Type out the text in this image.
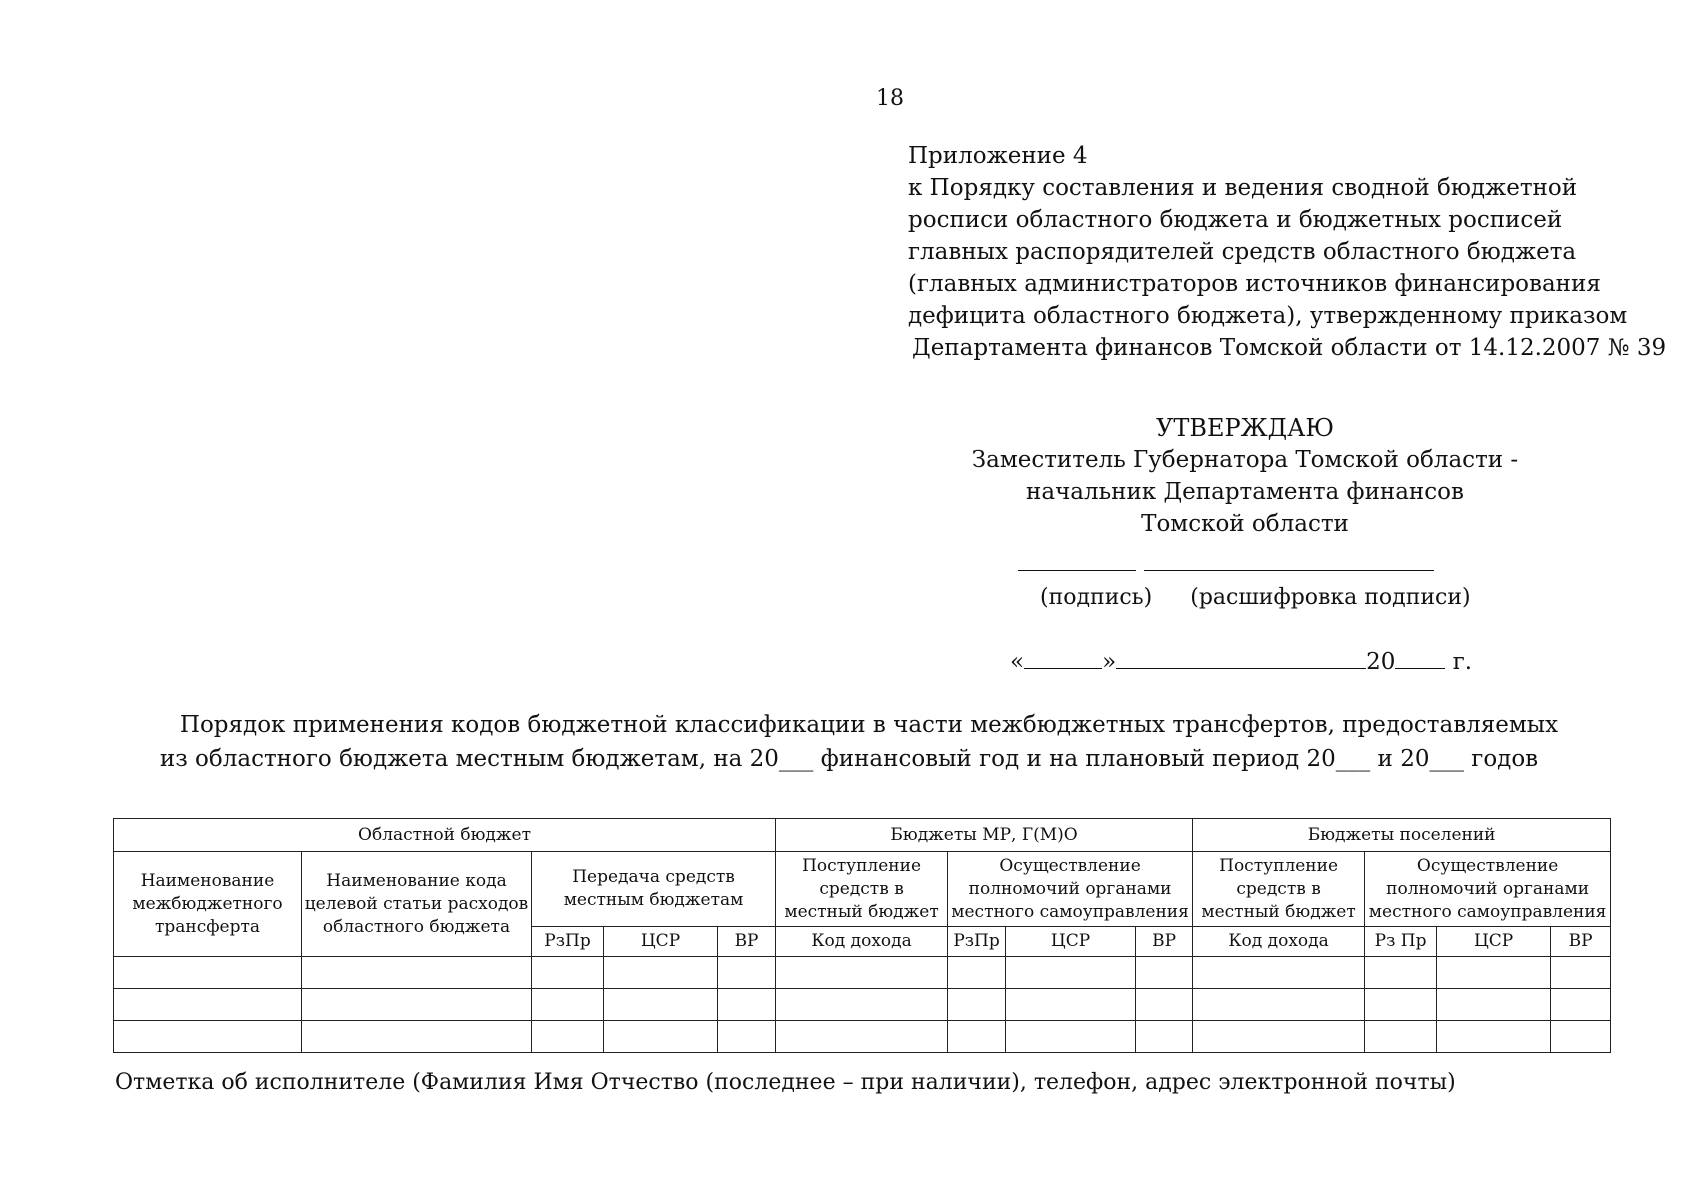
18
Приложение 4
к Порядку составления и ведения сводной бюджетной
росписи областного бюджета и бюджетных росписей
главных распорядителей средств областного бюджета
(главных администраторов источников финансирования
дефицита областного бюджета), утвержденному приказом
Департамента финансов Томской области от 14.12.2007 № 39
УТВЕРЖДАЮ
Заместитель Губернатора Томской области -
начальник Департамента финансов
Томской области
(подпись) (расшифровка подписи)
«	»	20 г.
Порядок применения кодов бюджетной классификации в части межбюджетных трансфертов, предоставляемых
из областного бюджета местным бюджетам, на 20___ финансовый год и на плановый период 20___ и 20___ годов
Областной бюджет					Бюджеты МР, Г(М)О				Бюджеты поселений			
Наименование межбюджетного трансферта	Наименование кода целевой статьи расходов областного бюджета	Передача средств местным бюджетам			Поступление средств в местный бюджет	Осуществление полномочий органами местного самоуправления			Поступление средств в местный бюджет	Осуществление полномочий органами местного самоуправления		
		РзПр	ЦСР	ВР	Код дохода	РзПр	ЦСР	ВР	Код дохода	Рз Пр	ЦСР	ВР

Отметка об исполнителе (Фамилия Имя Отчество (последнее – при наличии), телефон, адрес электронной почты)
